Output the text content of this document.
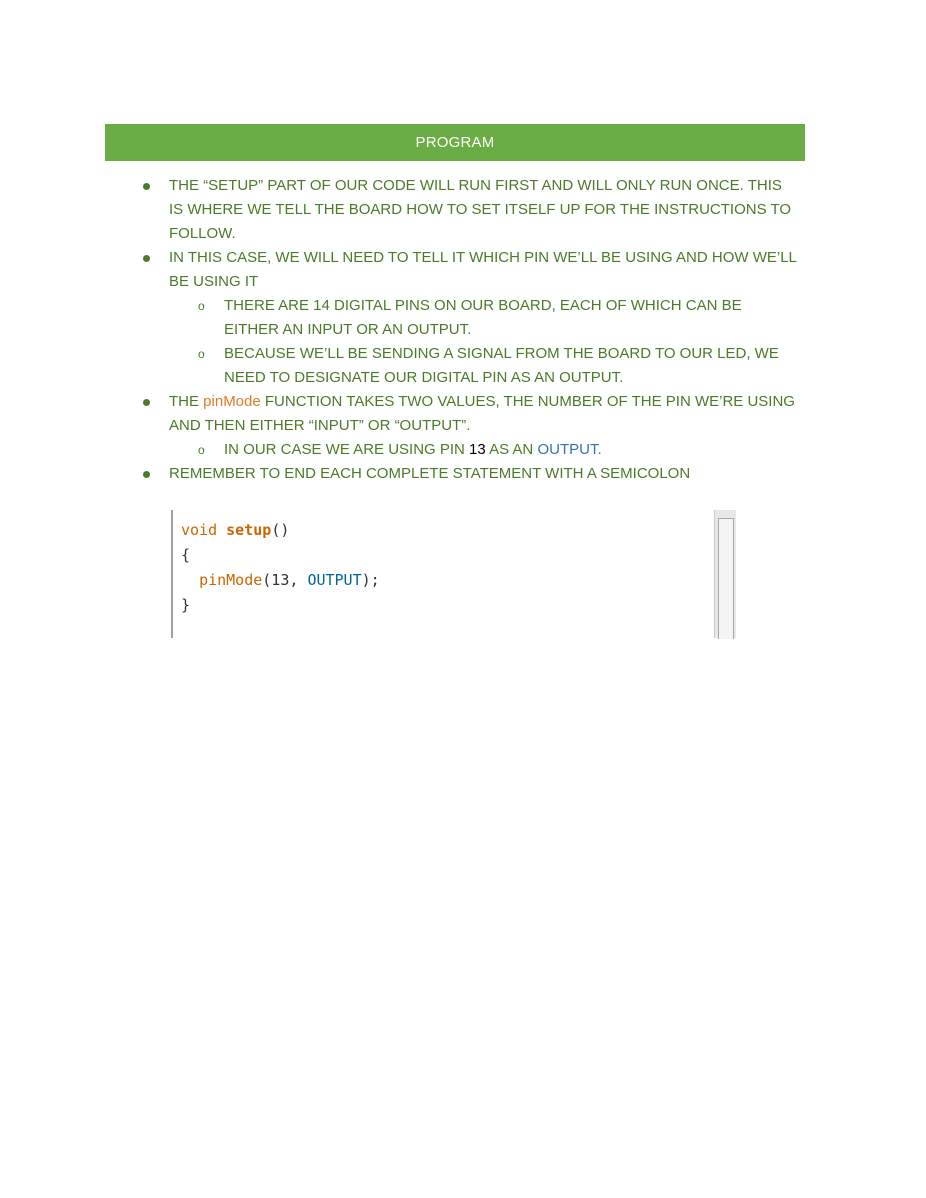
PROGRAM
THE “SETUP” PART OF OUR CODE WILL RUN FIRST AND WILL ONLY RUN ONCE. THIS IS WHERE WE TELL THE BOARD HOW TO SET ITSELF UP FOR THE INSTRUCTIONS TO FOLLOW.
IN THIS CASE, WE WILL NEED TO TELL IT WHICH PIN WE’LL BE USING AND HOW WE’LL BE USING IT
o THERE ARE 14 DIGITAL PINS ON OUR BOARD, EACH OF WHICH CAN BE EITHER AN INPUT OR AN OUTPUT.
o BECAUSE WE’LL BE SENDING A SIGNAL FROM THE BOARD TO OUR LED, WE NEED TO DESIGNATE OUR DIGITAL PIN AS AN OUTPUT.
THE pinMode FUNCTION TAKES TWO VALUES, THE NUMBER OF THE PIN WE’RE USING AND THEN EITHER “INPUT” OR “OUTPUT”.
o IN OUR CASE WE ARE USING PIN 13 AS AN OUTPUT.
REMEMBER TO END EACH COMPLETE STATEMENT WITH A SEMICOLON
void setup()
{
pinMode(13, OUTPUT);
}
